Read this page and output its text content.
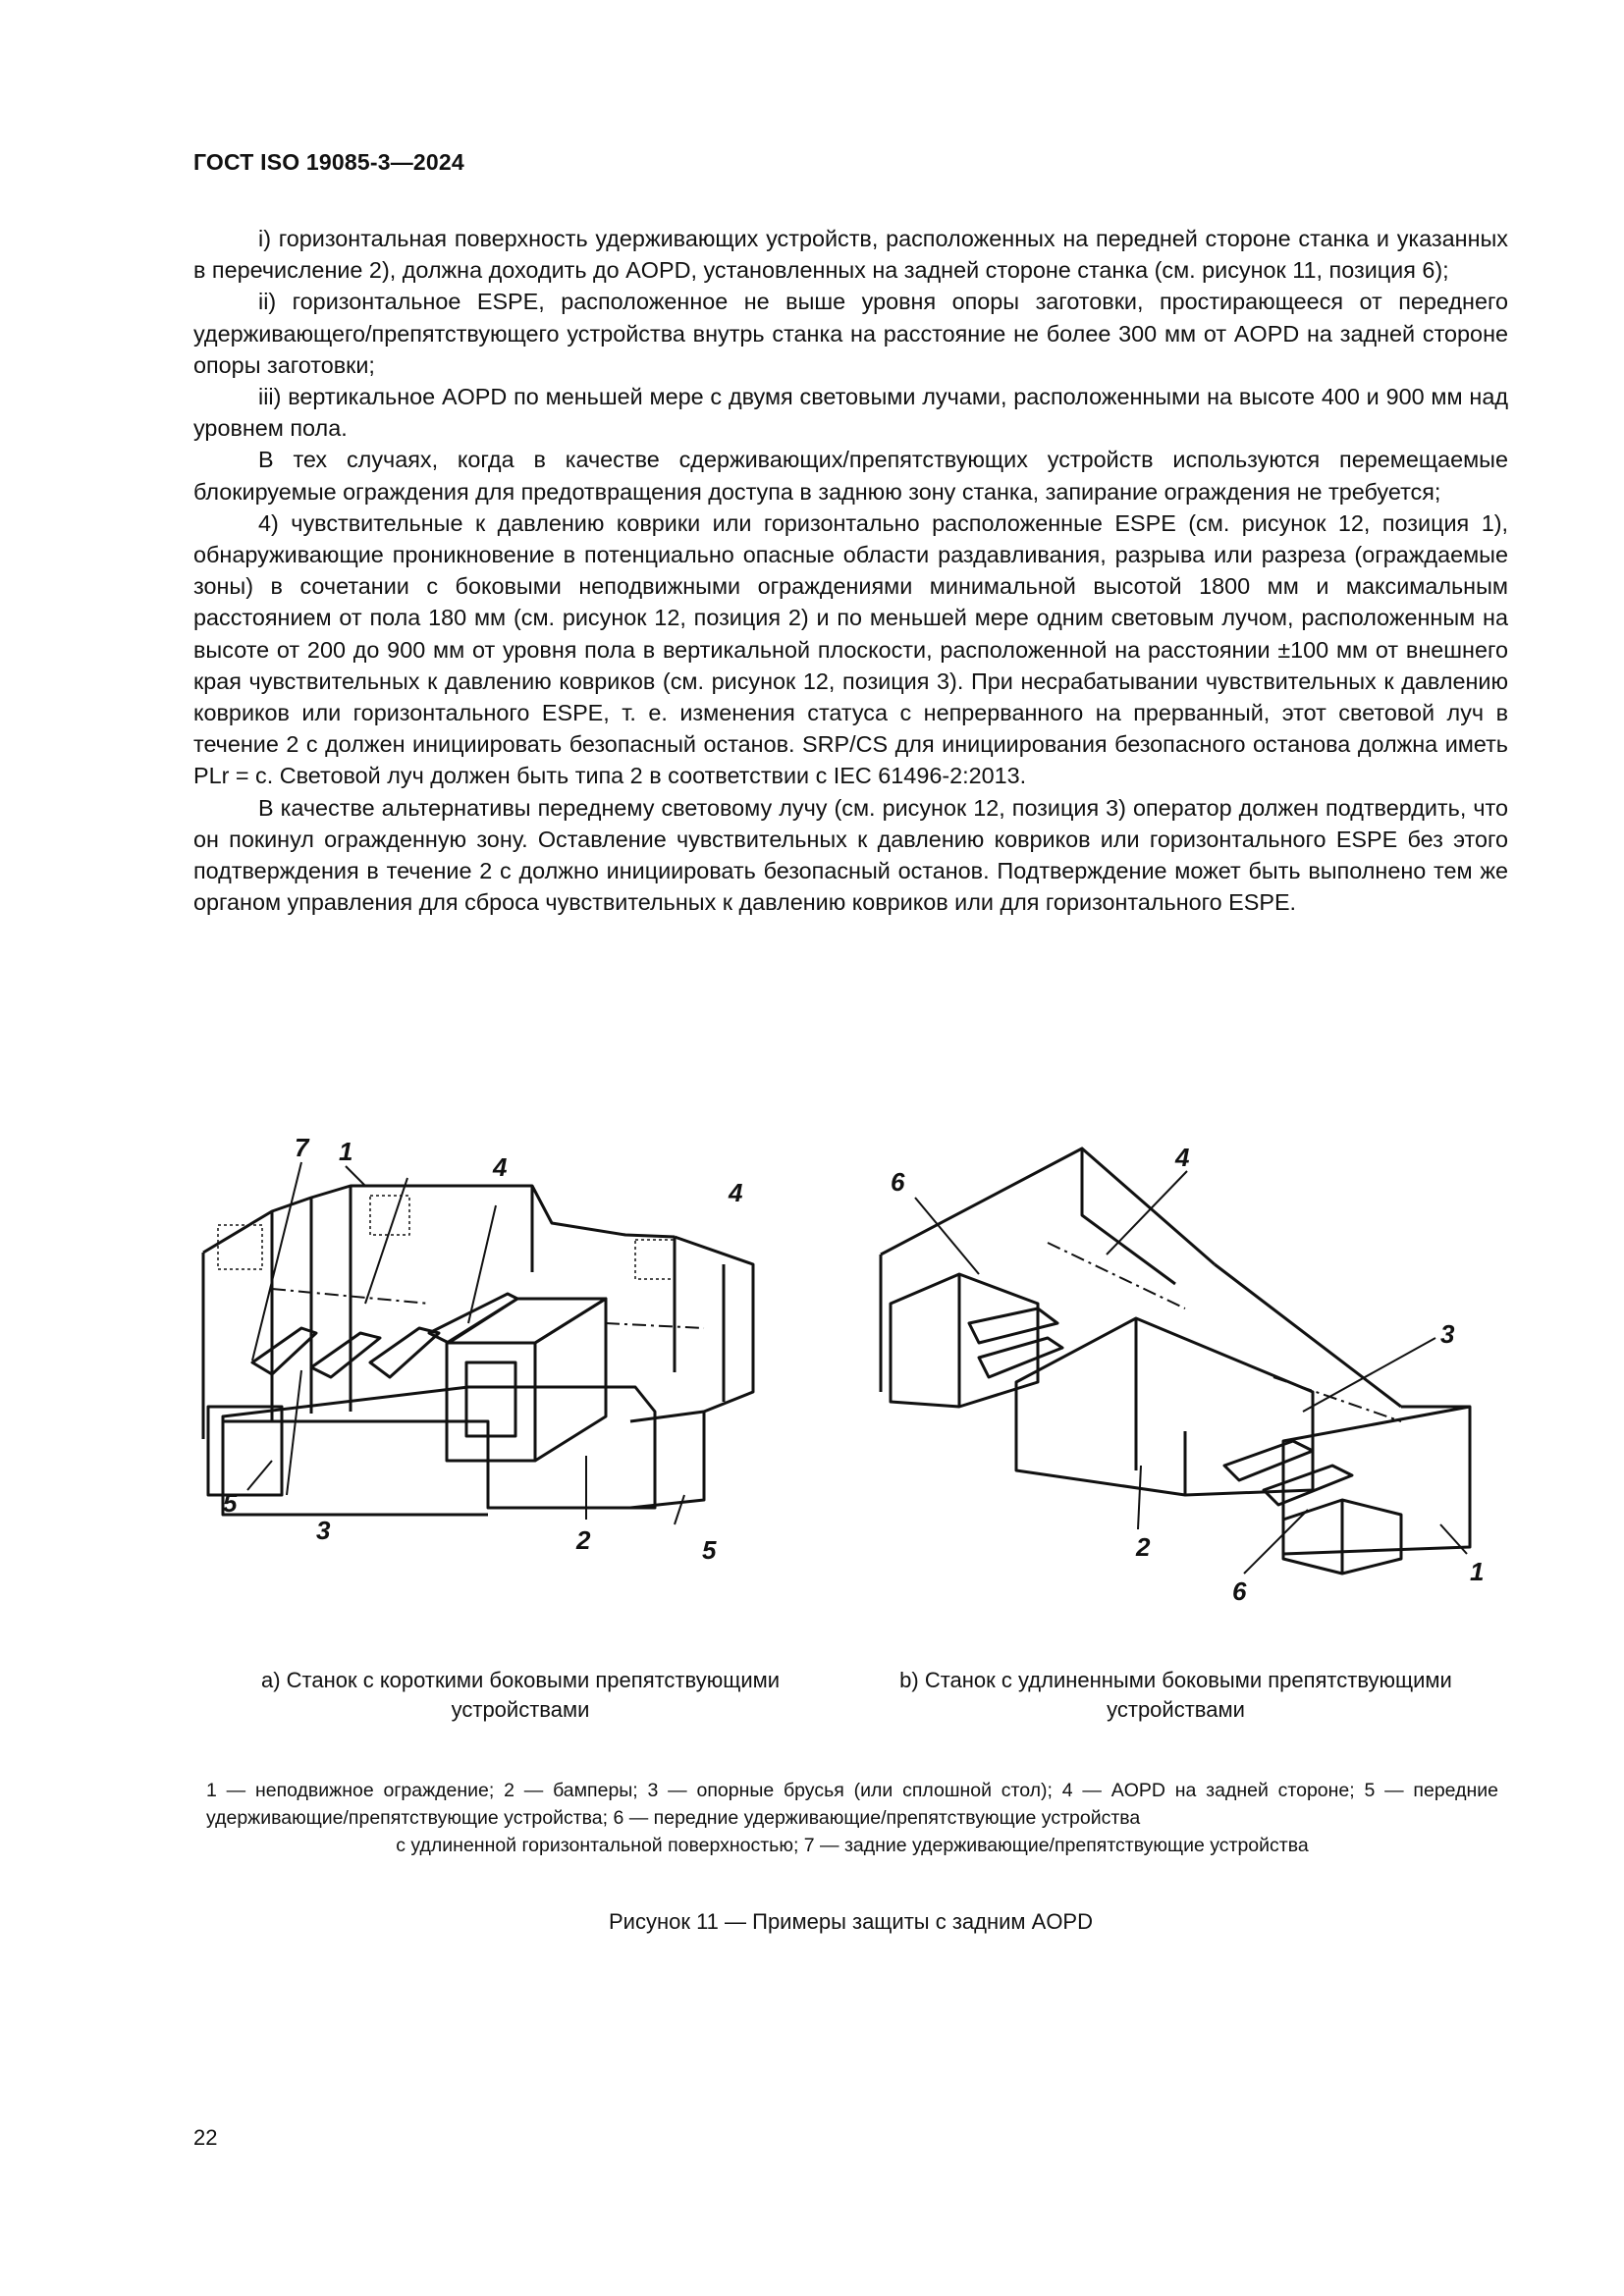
ГОСТ ISO 19085-3—2024

i) горизонтальная поверхность удерживающих устройств, расположенных на передней стороне станка и указанных в перечисление 2), должна доходить до AOPD, установленных на задней стороне станка (см. рисунок 11, позиция 6);

ii) горизонтальное ESPE, расположенное не выше уровня опоры заготовки, простирающееся от переднего удерживающего/препятствующего устройства внутрь станка на расстояние не более 300 мм от AOPD на задней стороне опоры заготовки;

iii) вертикальное AOPD по меньшей мере с двумя световыми лучами, расположенными на высоте 400 и 900 мм над уровнем пола.

В тех случаях, когда в качестве сдерживающих/препятствующих устройств используются перемещаемые блокируемые ограждения для предотвращения доступа в заднюю зону станка, запирание ограждения не требуется;

4) чувствительные к давлению коврики или горизонтально расположенные ESPE (см. рисунок 12, позиция 1), обнаруживающие проникновение в потенциально опасные области раздавливания, разрыва или разреза (ограждаемые зоны) в сочетании с боковыми неподвижными ограждениями минимальной высотой 1800 мм и максимальным расстоянием от пола 180 мм (см. рисунок 12, позиция 2) и по меньшей мере одним световым лучом, расположенным на высоте от 200 до 900 мм от уровня пола в вертикальной плоскости, расположенной на расстоянии ±100 мм от внешнего края чувствительных к давлению ковриков (см. рисунок 12, позиция 3). При несрабатывании чувствительных к давлению ковриков или горизонтального ESPE, т. е. изменения статуса с непрерванного на прерванный, этот световой луч в течение 2 с должен инициировать безопасный останов. SRP/CS для инициирования безопасного останова должна иметь PLr = c. Световой луч должен быть типа 2 в соответствии с IEC 61496-2:2013.

В качестве альтернативы переднему световому лучу (см. рисунок 12, позиция 3) оператор должен подтвердить, что он покинул огражденную зону. Оставление чувствительных к давлению ковриков или горизонтального ESPE без этого подтверждения в течение 2 с должно инициировать безопасный останов. Подтверждение может быть выполнено тем же органом управления для сброса чувствительных к давлению ковриков или для горизонтального ESPE.

7 1
4
4
5
3	2	5
4
6
3
2
6
1
a) Станок с короткими боковыми препятствующими устройствами
b) Станок с удлиненными боковыми препятствующими устройствами
1 — неподвижное ограждение; 2 — бамперы; 3 — опорные брусья (или сплошной стол); 4 — AOPD на задней стороне; 5 — передние удерживающие/препятствующие устройства; 6 — передние удерживающие/препятствующие устройства
с удлиненной горизонтальной поверхностью; 7 — задние удерживающие/препятствующие устройства
Рисунок 11 — Примеры защиты с задним AOPD
22
